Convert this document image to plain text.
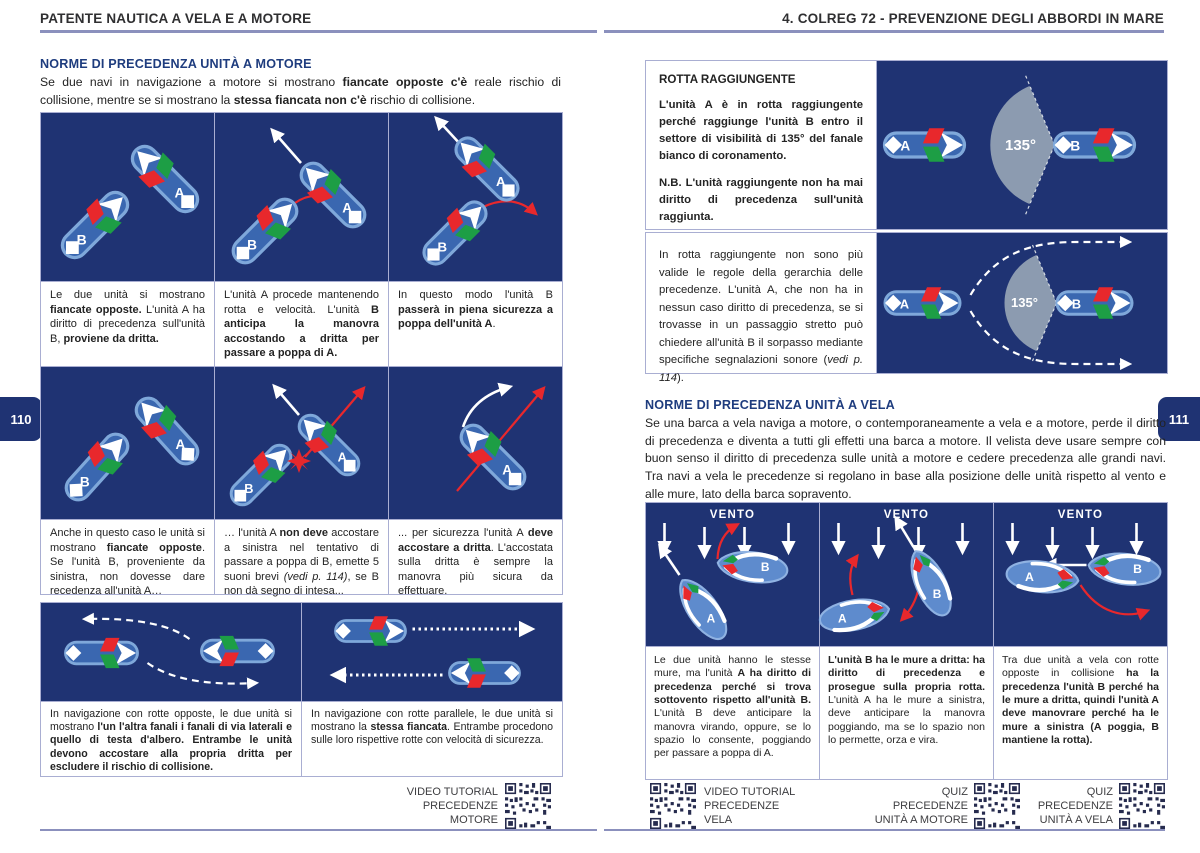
PATENTE NAUTICA A VELA E A MOTORE	4. COLREG 72 - PREVENZIONE DEGLI ABBORDI IN MARE
110	111
NORME DI PRECEDENZA UNITÀ A MOTORE
Se due navi in navigazione a motore si mostrano fiancate opposte c'è reale rischio di collisione, mentre se si mostrano la stessa fiancata non c'è rischio di collisione.
B
A
B
A
A
B
Le due unità si mostrano fiancate opposte. L'unità A ha diritto di precedenza sull'unità B, proviene da dritta.
L'unità A procede mantenendo rotta e velocità. L'unità B anticipa la manovra accostando a dritta per passare a poppa di A.
In questo modo l'unità B passerà in piena sicurezza a poppa dell'unità A.
B
A
B
A
A
Anche in questo caso le unità si mostrano fiancate opposte. Se l'unità B, proveniente da sinistra, non dovesse dare recedenza all'unità A…
… l'unità A non deve accostare a sinistra nel tentativo di passare a poppa di B, emette 5 suoni brevi (vedi p. 114), se B non dà segno di intesa...
... per sicurezza l'unità A deve accostare a dritta. L'accostata sulla dritta è sempre la manovra più sicura da effettuare.
In navigazione con rotte opposte, le due unità si mostrano l'un l'altra fanali i fanali di via laterali e quello di testa d'albero. Entrambe le unità devono accostare alla propria dritta per escludere il rischio di collisione.
In navigazione con rotte parallele, le due unità si mostrano la stessa fiancata. Entrambe procedono sulle loro rispettive rotte con velocità di sicurezza.
VIDEO TUTORIAL
PRECEDENZE
MOTORE
ROTTA RAGGIUNGENTE

L'unità A è in rotta raggiungente perché raggiunge l'unità B entro il settore di visibilità di 135° del fanale bianco di coronamento.

N.B. L'unità raggiungente non ha mai diritto di precedenza sull'unità raggiunta.

135°
A	B

In rotta raggiungente non sono più valide le regole della gerarchia delle precedenze. L'unità A, che non ha in nessun caso diritto di precedenza, se si trovasse in un passaggio stretto può chiedere all'unità B il sorpasso mediante specifiche segnalazioni sonore (vedi p. 114).

135°
A	B
NORME DI PRECEDENZA UNITÀ A VELA
Se una barca a vela naviga a motore, o contemporaneamente a vela e a motore, perde il diritto di precedenza e diventa a tutti gli effetti una barca a motore. Il velista deve usare sempre con buon senso il diritto di precedenza sulle unità a motore e cedere precedenza alle grandi navi. Tra navi a vela le precedenze si regolano in base alla posizione delle unità rispetto al vento e alle mure, lato della barca sopravento.
VENTO
A
B
VENTO
A
B
VENTO
A
B
Le due unità hanno le stesse mure, ma l'unità A ha diritto di precedenza perché si trova sottovento rispetto all'unità B. L'unità B deve anticipare la manovra virando, oppure, se lo spazio lo consente, poggiando per passare a poppa di A.
L'unità B ha le mure a dritta: ha diritto di precedenza e prosegue sulla propria rotta. L'unità A ha le mure a sinistra, deve anticipare la manovra poggiando, ma se lo spazio non lo permette, orza e vira.
Tra due unità a vela con rotte opposte in collisione ha la precedenza l'unità B perché ha le mure a dritta, quindi l'unità A deve manovrare perché ha le mure a sinistra (A poggia, B mantiene la rotta).
VIDEO TUTORIAL
PRECEDENZE
VELA
QUIZ
PRECEDENZE
UNITÀ A MOTORE
QUIZ
PRECEDENZE
UNITÀ A VELA
